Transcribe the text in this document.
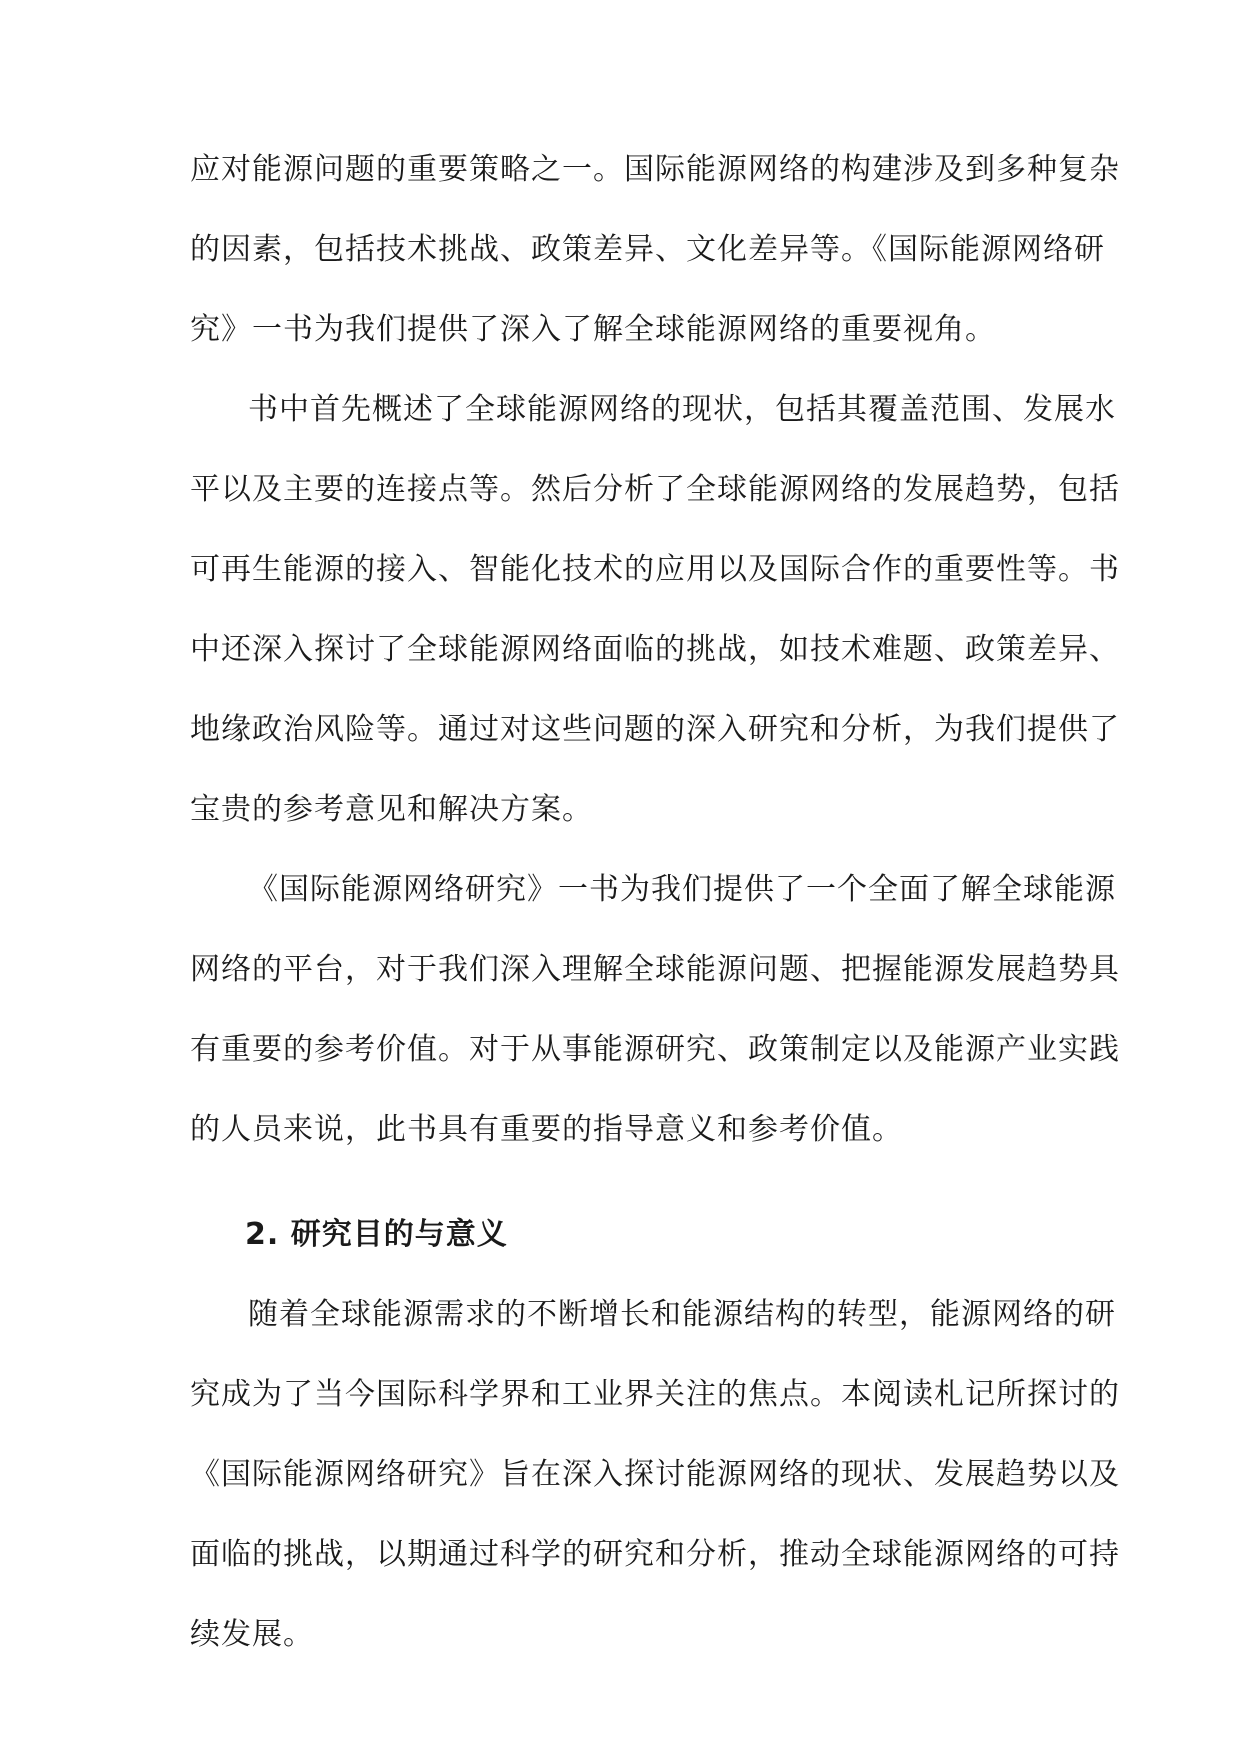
应对能源问题的重要策略之一。国际能源网络的构建涉及到多种复杂
的因素，包括技术挑战、政策差异、文化差异等。《国际能源网络研
究》一书为我们提供了深入了解全球能源网络的重要视角。
书中首先概述了全球能源网络的现状，包括其覆盖范围、发展水
平以及主要的连接点等。然后分析了全球能源网络的发展趋势，包括
可再生能源的接入、智能化技术的应用以及国际合作的重要性等。书
中还深入探讨了全球能源网络面临的挑战，如技术难题、政策差异、
地缘政治风险等。通过对这些问题的深入研究和分析，为我们提供了
宝贵的参考意见和解决方案。
《国际能源网络研究》一书为我们提供了一个全面了解全球能源
网络的平台，对于我们深入理解全球能源问题、把握能源发展趋势具
有重要的参考价值。对于从事能源研究、政策制定以及能源产业实践
的人员来说，此书具有重要的指导意义和参考价值。
2. 研究目的与意义
随着全球能源需求的不断增长和能源结构的转型，能源网络的研
究成为了当今国际科学界和工业界关注的焦点。本阅读札记所探讨的
《国际能源网络研究》旨在深入探讨能源网络的现状、发展趋势以及
面临的挑战，以期通过科学的研究和分析，推动全球能源网络的可持
续发展。
